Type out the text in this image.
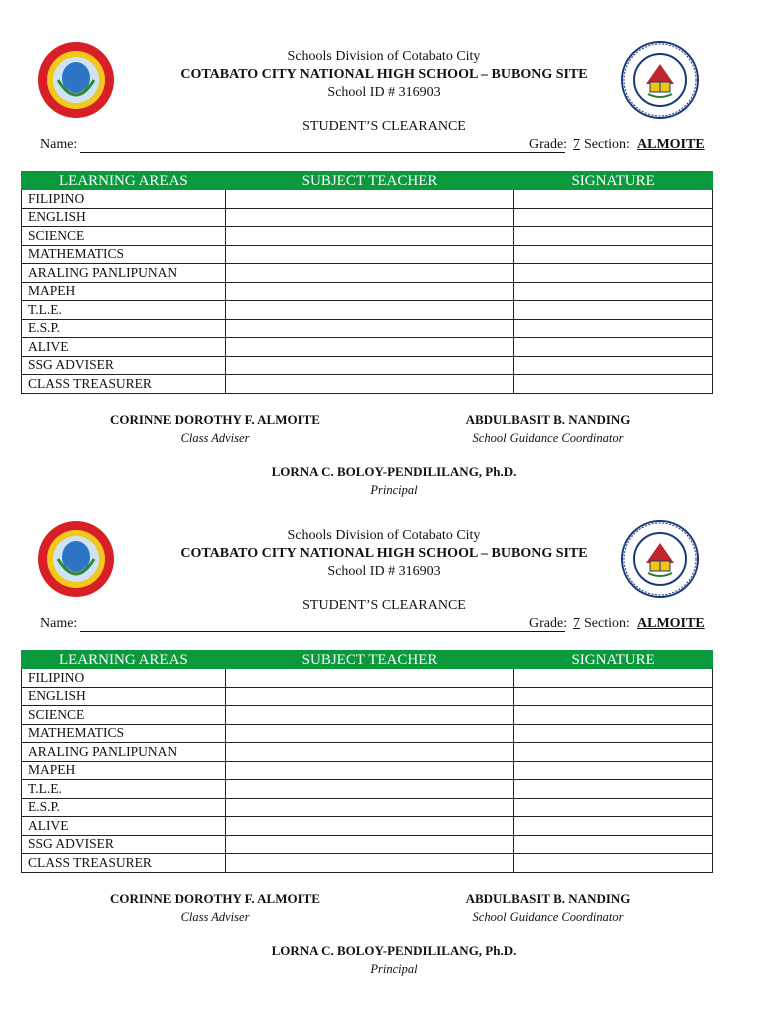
Schools Division of Cotabato City
COTABATO CITY NATIONAL HIGH SCHOOL – BUBONG SITE
School ID # 316903
STUDENT’S CLEARANCE
Name:	Grade: 7 Section: ALMOITE
LEARNING AREAS	SUBJECT TEACHER	SIGNATURE
FILIPINO		
ENGLISH		
SCIENCE		
MATHEMATICS		
ARALING PANLIPUNAN		
MAPEH		
T.L.E.		
E.S.P.		
ALIVE		
SSG ADVISER		
CLASS TREASURER		
CORINNE DOROTHY F. ALMOITE
Class Adviser
ABDULBASIT B. NANDING
School Guidance Coordinator
LORNA C. BOLOY-PENDILILANG, Ph.D.
Principal
Schools Division of Cotabato City
COTABATO CITY NATIONAL HIGH SCHOOL – BUBONG SITE
School ID # 316903
STUDENT’S CLEARANCE
Name:	Grade: 7 Section: ALMOITE
LEARNING AREAS	SUBJECT TEACHER	SIGNATURE
FILIPINO		
ENGLISH		
SCIENCE		
MATHEMATICS		
ARALING PANLIPUNAN		
MAPEH		
T.L.E.		
E.S.P.		
ALIVE		
SSG ADVISER		
CLASS TREASURER		
CORINNE DOROTHY F. ALMOITE
Class Adviser
ABDULBASIT B. NANDING
School Guidance Coordinator
LORNA C. BOLOY-PENDILILANG, Ph.D.
Principal
